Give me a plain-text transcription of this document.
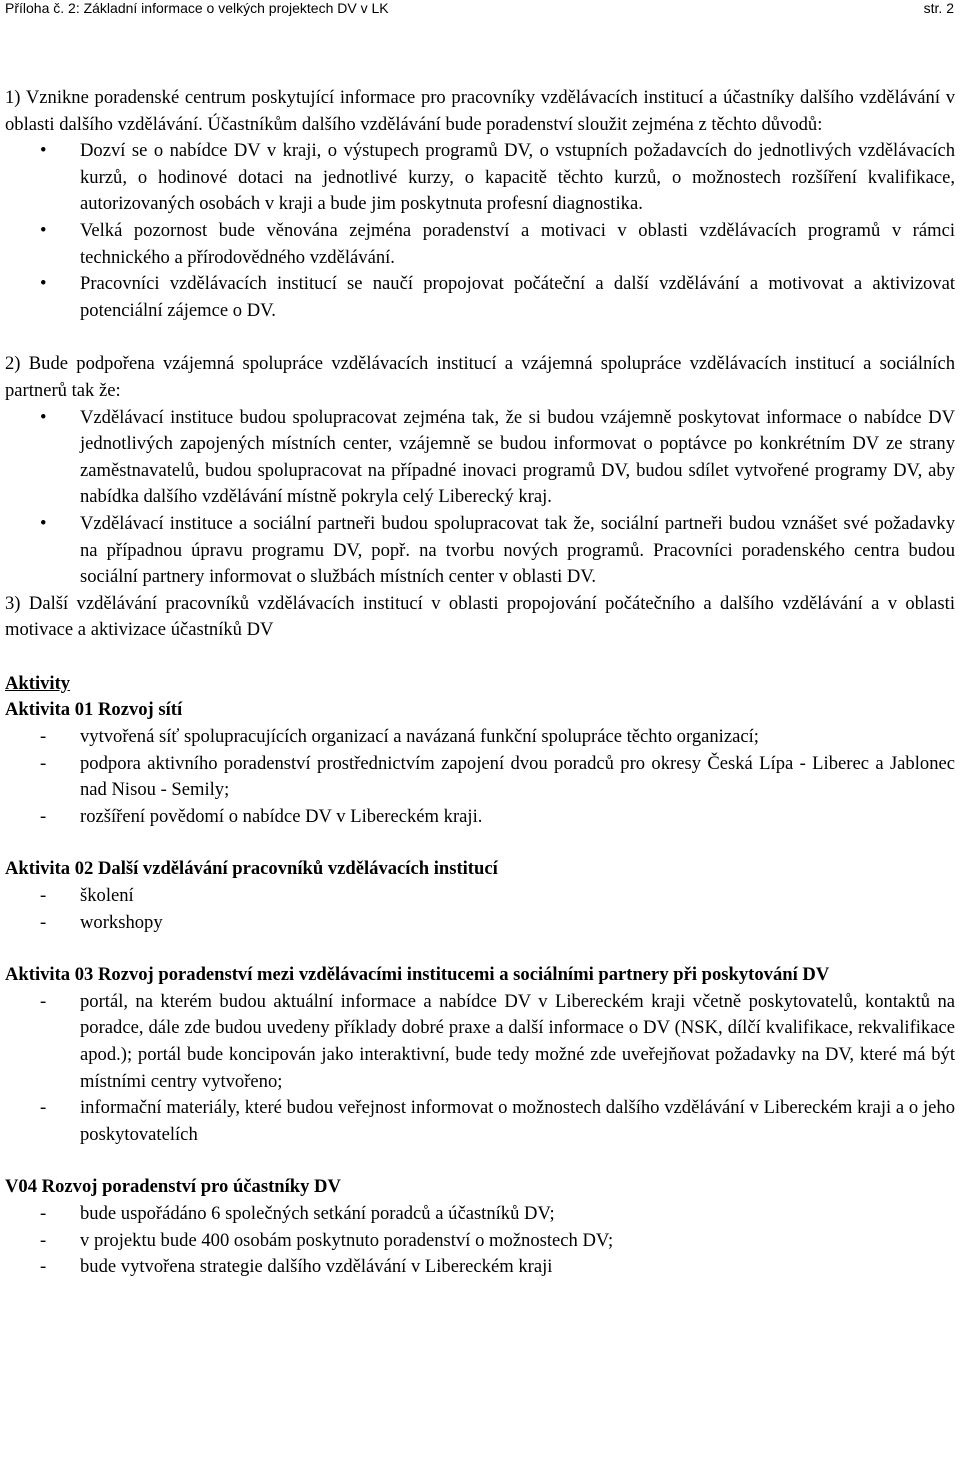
Příloha č. 2: Základní informace o velkých projektech DV v LK	str. 2

1) Vznikne poradenské centrum poskytující informace pro pracovníky vzdělávacích institucí a účastníky dalšího vzdělávání v oblasti dalšího vzdělávání. Účastníkům dalšího vzdělávání bude poradenství sloužit zejména z těchto důvodů:

• Dozví se o nabídce DV v kraji, o výstupech programů DV, o vstupních požadavcích do jednotlivých vzdělávacích kurzů, o hodinové dotaci na jednotlivé kurzy, o kapacitě těchto kurzů, o možnostech rozšíření kvalifikace, autorizovaných osobách v kraji a bude jim poskytnuta profesní diagnostika.
• Velká pozornost bude věnována zejména poradenství a motivaci v oblasti vzdělávacích programů v rámci technického a přírodovědného vzdělávání.
• Pracovníci vzdělávacích institucí se naučí propojovat počáteční a další vzdělávání a motivovat a aktivizovat potenciální zájemce o DV.

2) Bude podpořena vzájemná spolupráce vzdělávacích institucí a vzájemná spolupráce vzdělávacích institucí a sociálních partnerů tak že:

• Vzdělávací instituce budou spolupracovat zejména tak, že si budou vzájemně poskytovat informace o nabídce DV jednotlivých zapojených místních center, vzájemně se budou informovat o poptávce po konkrétním DV ze strany zaměstnavatelů, budou spolupracovat na případné inovaci programů DV, budou sdílet vytvořené programy DV, aby nabídka dalšího vzdělávání místně pokryla celý Liberecký kraj.
• Vzdělávací instituce a sociální partneři budou spolupracovat tak že, sociální partneři budou vznášet své požadavky na případnou úpravu programu DV, popř. na tvorbu nových programů. Pracovníci poradenského centra budou sociální partnery informovat o službách místních center v oblasti DV.

3) Další vzdělávání pracovníků vzdělávacích institucí v oblasti propojování počátečního a dalšího vzdělávání a v oblasti motivace a aktivizace účastníků DV

Aktivity

Aktivita 01 Rozvoj sítí

- vytvořená síť spolupracujících organizací a navázaná funkční spolupráce těchto organizací;
- podpora aktivního poradenství prostřednictvím zapojení dvou poradců pro okresy Česká Lípa - Liberec a Jablonec nad Nisou - Semily;
- rozšíření povědomí o nabídce DV v Libereckém kraji.

Aktivita 02 Další vzdělávání pracovníků vzdělávacích institucí

- školení
- workshopy

Aktivita 03 Rozvoj poradenství mezi vzdělávacími institucemi a sociálními partnery při poskytování DV

- portál, na kterém budou aktuální informace a nabídce DV v Libereckém kraji včetně poskytovatelů, kontaktů na poradce, dále zde budou uvedeny příklady dobré praxe a další informace o DV (NSK, dílčí kvalifikace, rekvalifikace apod.); portál bude koncipován jako interaktivní, bude tedy možné zde uveřejňovat požadavky na DV, které má být místními centry vytvořeno;
- informační materiály, které budou veřejnost informovat o možnostech dalšího vzdělávání v Libereckém kraji a o jeho poskytovatelích

V04 Rozvoj poradenství pro účastníky DV

- bude uspořádáno 6 společných setkání poradců a účastníků DV;
- v projektu bude 400 osobám poskytnuto poradenství o možnostech DV;
- bude vytvořena strategie dalšího vzdělávání v Libereckém kraji
